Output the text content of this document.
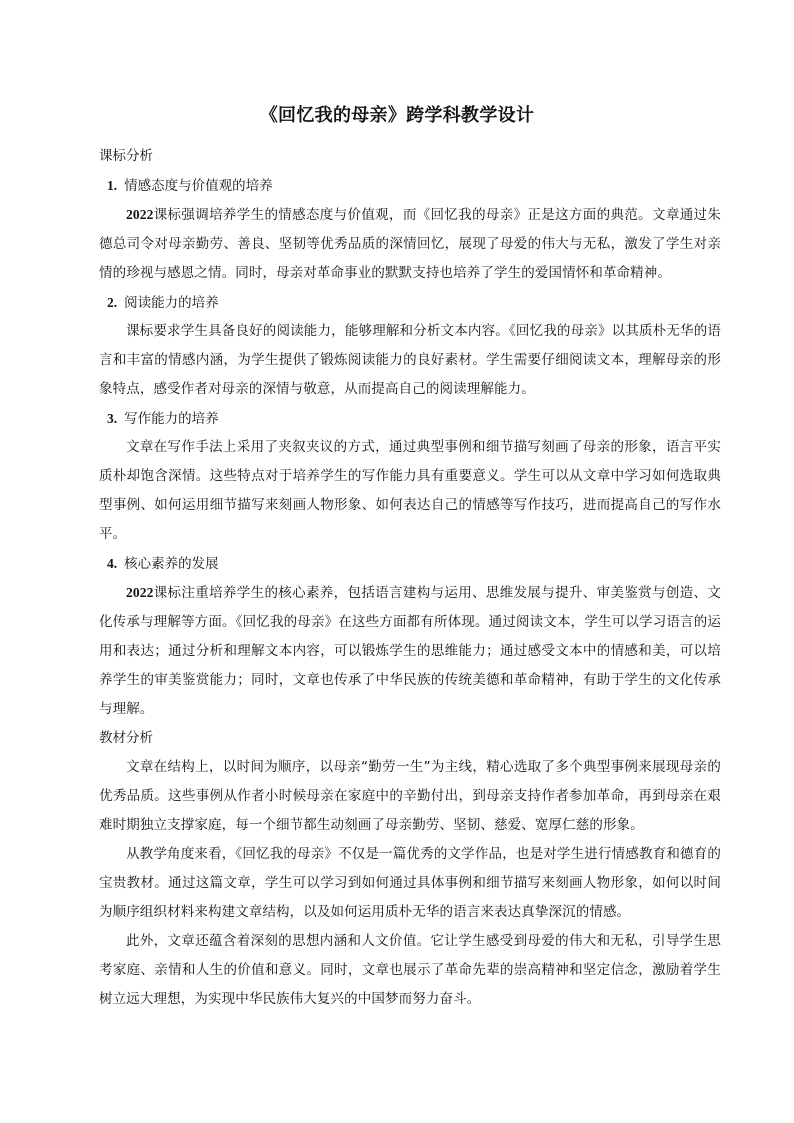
《回忆我的母亲》跨学科教学设计
课标分析
1. 情感态度与价值观的培养

2022课标强调培养学生的情感态度与价值观，而《回忆我的母亲》正是这方面的典范。文章通过朱德总司令对母亲勤劳、善良、坚韧等优秀品质的深情回忆，展现了母爱的伟大与无私，激发了学生对亲情的珍视与感恩之情。同时，母亲对革命事业的默默支持也培养了学生的爱国情怀和革命精神。

2. 阅读能力的培养

课标要求学生具备良好的阅读能力，能够理解和分析文本内容。《回忆我的母亲》以其质朴无华的语言和丰富的情感内涵，为学生提供了锻炼阅读能力的良好素材。学生需要仔细阅读文本，理解母亲的形象特点，感受作者对母亲的深情与敬意，从而提高自己的阅读理解能力。

3. 写作能力的培养

文章在写作手法上采用了夹叙夹议的方式，通过典型事例和细节描写刻画了母亲的形象，语言平实质朴却饱含深情。这些特点对于培养学生的写作能力具有重要意义。学生可以从文章中学习如何选取典型事例、如何运用细节描写来刻画人物形象、如何表达自己的情感等写作技巧，进而提高自己的写作水平。

4. 核心素养的发展

2022课标注重培养学生的核心素养，包括语言建构与运用、思维发展与提升、审美鉴赏与创造、文化传承与理解等方面。《回忆我的母亲》在这些方面都有所体现。通过阅读文本，学生可以学习语言的运用和表达；通过分析和理解文本内容，可以锻炼学生的思维能力；通过感受文本中的情感和美，可以培养学生的审美鉴赏能力；同时，文章也传承了中华民族的传统美德和革命精神，有助于学生的文化传承与理解。

教材分析

文章在结构上，以时间为顺序，以母亲“勤劳一生”为主线，精心选取了多个典型事例来展现母亲的优秀品质。这些事例从作者小时候母亲在家庭中的辛勤付出，到母亲支持作者参加革命，再到母亲在艰难时期独立支撑家庭，每一个细节都生动刻画了母亲勤劳、坚韧、慈爱、宽厚仁慈的形象。

从教学角度来看，《回忆我的母亲》不仅是一篇优秀的文学作品，也是对学生进行情感教育和德育的宝贵教材。通过这篇文章，学生可以学习到如何通过具体事例和细节描写来刻画人物形象，如何以时间为顺序组织材料来构建文章结构，以及如何运用质朴无华的语言来表达真挚深沉的情感。

此外，文章还蕴含着深刻的思想内涵和人文价值。它让学生感受到母爱的伟大和无私，引导学生思考家庭、亲情和人生的价值和意义。同时，文章也展示了革命先辈的崇高精神和坚定信念，激励着学生树立远大理想，为实现中华民族伟大复兴的中国梦而努力奋斗。
